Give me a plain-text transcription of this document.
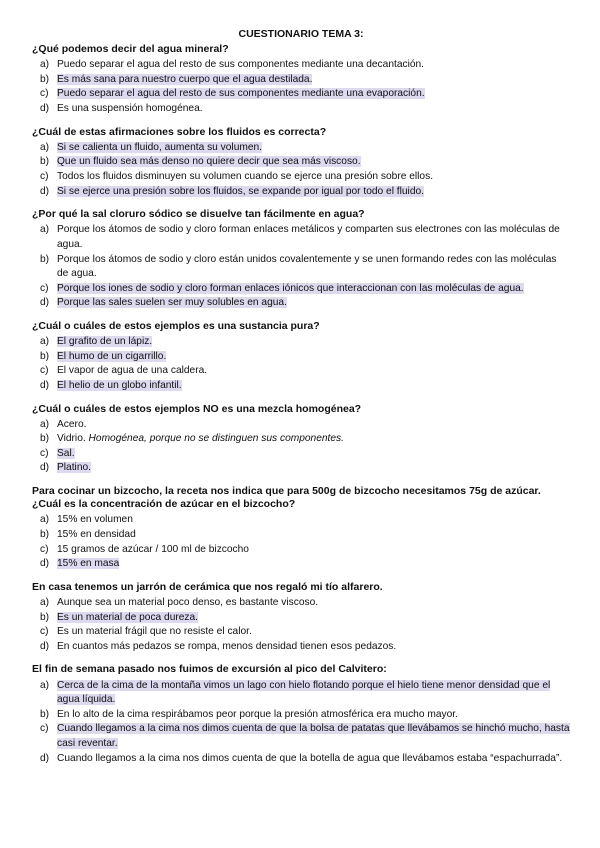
CUESTIONARIO TEMA 3:

¿Qué podemos decir del agua mineral?

a) Puedo separar el agua del resto de sus componentes mediante una decantación.
b) Es más sana para nuestro cuerpo que el agua destilada.
c) Puedo separar el agua del resto de sus componentes mediante una evaporación.
d) Es una suspensión homogénea.

¿Cuál de estas afirmaciones sobre los fluidos es correcta?

a) Si se calienta un fluido, aumenta su volumen.
b) Que un fluido sea más denso no quiere decir que sea más viscoso.
c) Todos los fluidos disminuyen su volumen cuando se ejerce una presión sobre ellos.
d) Si se ejerce una presión sobre los fluidos, se expande por igual por todo el fluido.

¿Por qué la sal cloruro sódico se disuelve tan fácilmente en agua?

a) Porque los átomos de sodio y cloro forman enlaces metálicos y comparten sus electrones con las moléculas de agua.
b) Porque los átomos de sodio y cloro están unidos covalentemente y se unen formando redes con las moléculas de agua.
c) Porque los iones de sodio y cloro forman enlaces iónicos que interaccionan con las moléculas de agua.
d) Porque las sales suelen ser muy solubles en agua.

¿Cuál o cuáles de estos ejemplos es una sustancia pura?

a) El grafito de un lápiz.
b) El humo de un cigarrillo.
c) El vapor de agua de una caldera.
d) El helio de un globo infantil.

¿Cuál o cuáles de estos ejemplos NO es una mezcla homogénea?

a) Acero.
b) Vidrio. Homogénea, porque no se distinguen sus componentes.
c) Sal.
d) Platino.

Para cocinar un bizcocho, la receta nos indica que para 500g de bizcocho necesitamos 75g de azúcar. ¿Cuál es la concentración de azúcar en el bizcocho?

a) 15% en volumen
b) 15% en densidad
c) 15 gramos de azúcar / 100 ml de bizcocho
d) 15% en masa

En casa tenemos un jarrón de cerámica que nos regaló mi tío alfarero.

a) Aunque sea un material poco denso, es bastante viscoso.
b) Es un material de poca dureza.
c) Es un material frágil que no resiste el calor.
d) En cuantos más pedazos se rompa, menos densidad tienen esos pedazos.

El fin de semana pasado nos fuimos de excursión al pico del Calvitero:

a) Cerca de la cima de la montaña vimos un lago con hielo flotando porque el hielo tiene menor densidad que el agua líquida.
b) En lo alto de la cima respirábamos peor porque la presión atmosférica era mucho mayor.
c) Cuando llegamos a la cima nos dimos cuenta de que la bolsa de patatas que llevábamos se hinchó mucho, hasta casi reventar.
d) Cuando llegamos a la cima nos dimos cuenta de que la botella de agua que llevábamos estaba “espachurrada”.
